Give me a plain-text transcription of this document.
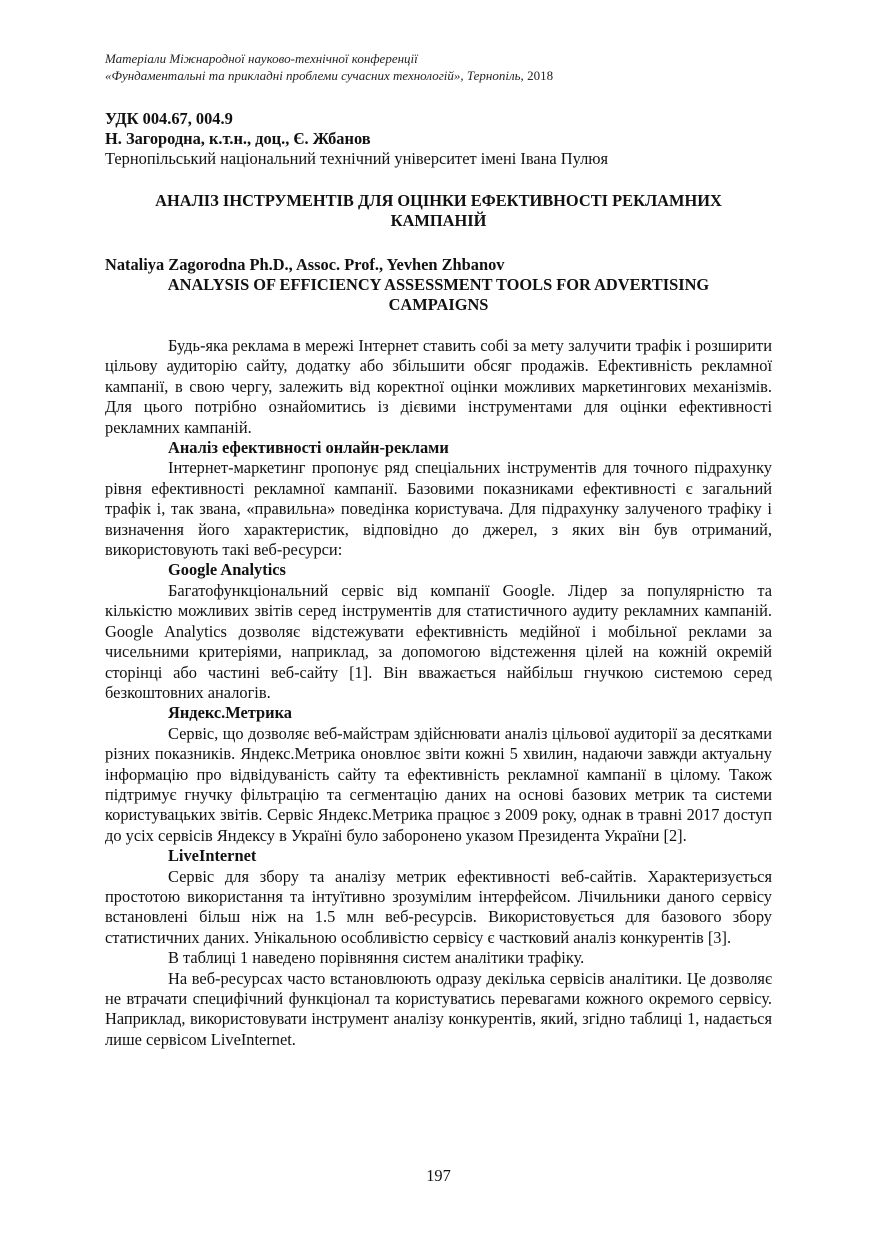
Матеріали Міжнародної науково-технічної конференції
«Фундаментальні та прикладні проблеми сучасних технологій», Тернопіль, 2018
УДК 004.67, 004.9
Н. Загородна, к.т.н., доц., Є. Жбанов
Тернопільський національний технічний університет імені Івана Пулюя
АНАЛІЗ ІНСТРУМЕНТІВ ДЛЯ ОЦІНКИ ЕФЕКТИВНОСТІ РЕКЛАМНИХ КАМПАНІЙ
Nataliya Zagorodna Ph.D., Assoc. Prof., Yevhen Zhbanov
ANALYSIS OF EFFICIENCY ASSESSMENT TOOLS FOR ADVERTISING CAMPAIGNS
Будь-яка реклама в мережі Інтернет ставить собі за мету залучити трафік і розширити цільову аудиторію сайту, додатку або збільшити обсяг продажів. Ефективність рекламної кампанії, в свою чергу, залежить від коректної оцінки можливих маркетингових механізмів. Для цього потрібно ознайомитись із дієвими інструментами для оцінки ефективності рекламних кампаній.
Аналіз ефективності онлайн-реклами
Інтернет-маркетинг пропонує ряд спеціальних інструментів для точного підрахунку рівня ефективності рекламної кампанії. Базовими показниками ефективності є загальний трафік і, так звана, «правильна» поведінка користувача. Для підрахунку залученого трафіку і визначення його характеристик, відповідно до джерел, з яких він був отриманий, використовують такі веб-ресурси:
Google Analytics
Багатофункціональний сервіс від компанії Google. Лідер за популярністю та кількістю можливих звітів серед інструментів для статистичного аудиту рекламних кампаній. Google Analytics дозволяє відстежувати ефективність медійної і мобільної реклами за чисельними критеріями, наприклад, за допомогою відстеження цілей на кожній окремій сторінці або частині веб-сайту [1]. Він вважається найбільш гнучкою системою серед безкоштовних аналогів.
Яндекс.Метрика
Сервіс, що дозволяє веб-майстрам здійснювати аналіз цільової аудиторії за десятками різних показників. Яндекс.Метрика оновлює звіти кожні 5 хвилин, надаючи завжди актуальну інформацію про відвідуваність сайту та ефективність рекламної кампанії в цілому. Також підтримує гнучку фільтрацію та сегментацію даних на основі базових метрик та системи користувацьких звітів. Сервіс Яндекс.Метрика працює з 2009 року, однак в травні 2017 доступ до усіх сервісів Яндексу в Україні було заборонено указом Президента України [2].
LiveInternet
Сервіс для збору та аналізу метрик ефективності веб-сайтів. Характеризується простотою використання та інтуїтивно зрозумілим інтерфейсом. Лічильники даного сервісу встановлені більш ніж на 1.5 млн веб-ресурсів. Використовується для базового збору статистичних даних. Унікальною особливістю сервісу є частковий аналіз конкурентів [3].
В таблиці 1 наведено порівняння систем аналітики трафіку.
На веб-ресурсах часто встановлюють одразу декілька сервісів аналітики. Це дозволяє не втрачати специфічний функціонал та користуватись перевагами кожного окремого сервісу. Наприклад, використовувати інструмент аналізу конкурентів, який, згідно таблиці 1, надається лише сервісом LiveInternet.
197
